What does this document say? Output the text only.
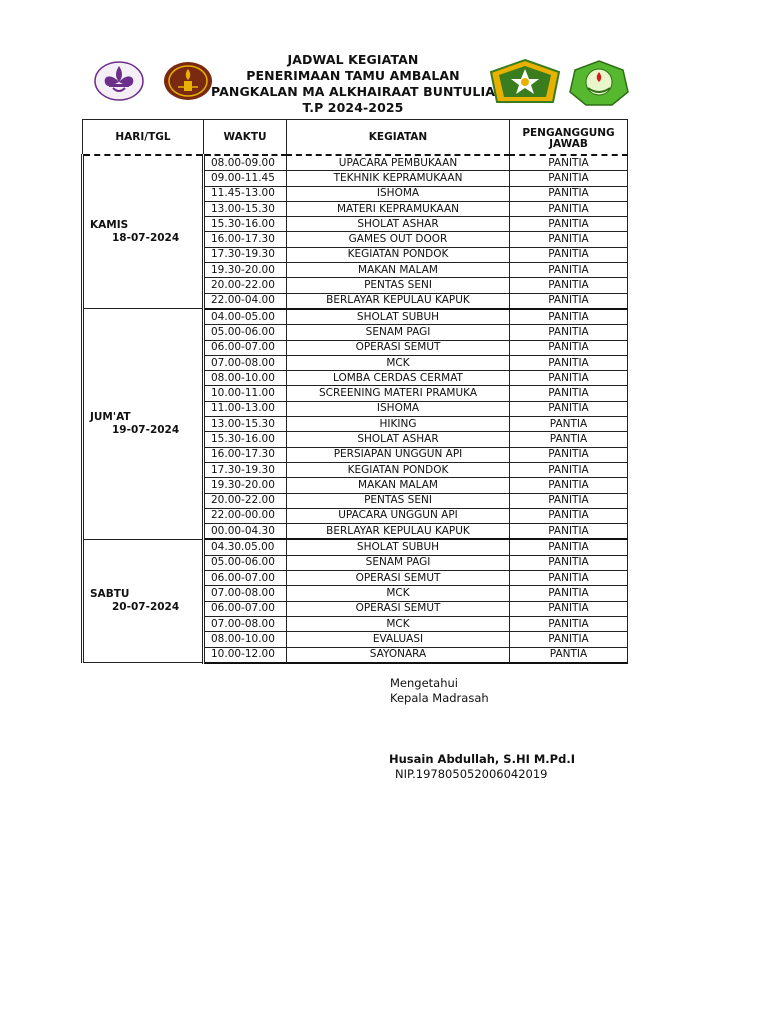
JADWAL KEGIATAN
PENERIMAAN TAMU AMBALAN
PANGKALAN MA ALKHAIRAAT BUNTULIA
T.P 2024-2025
HARI/TGL	WAKTU	KEGIATAN	PENGANGGUNG JAWAB

KAMIS
18-07-2024	08.00-09.00	UPACARA PEMBUKAAN	PANITIA
	09.00-11.45	TEKHNIK KEPRAMUKAAN	PANITIA
	11.45-13.00	ISHOMA	PANITIA
	13.00-15.30	MATERI KEPRAMUKAAN	PANITIA
	15.30-16.00	SHOLAT ASHAR	PANITIA
	16.00-17.30	GAMES OUT DOOR	PANITIA
	17.30-19.30	KEGIATAN PONDOK	PANITIA
	19.30-20.00	MAKAN MALAM	PANITIA
	20.00-22.00	PENTAS SENI	PANITIA
	22.00-04.00	BERLAYAR KEPULAU KAPUK	PANITIA

JUM'AT
19-07-2024	04.00-05.00	SHOLAT SUBUH	PANITIA
	05.00-06.00	SENAM PAGI	PANITIA
	06.00-07.00	OPERASI SEMUT	PANITIA
	07.00-08.00	MCK	PANITIA
	08.00-10.00	LOMBA CERDAS CERMAT	PANITIA
	10.00-11.00	SCREENING MATERI PRAMUKA	PANITIA
	11.00-13.00	ISHOMA	PANITIA
	13.00-15.30	HIKING	PANTIA
	15.30-16.00	SHOLAT ASHAR	PANTIA
	16.00-17.30	PERSIAPAN UNGGUN API	PANITIA
	17.30-19.30	KEGIATAN PONDOK	PANITIA
	19.30-20.00	MAKAN MALAM	PANITIA
	20.00-22.00	PENTAS SENI	PANITIA
	22.00-00.00	UPACARA UNGGUN API	PANITIA
	00.00-04.30	BERLAYAR KEPULAU KAPUK	PANITIA

SABTU
20-07-2024	04.30.05.00	SHOLAT SUBUH	PANITIA
	05.00-06.00	SENAM PAGI	PANITIA
	06.00-07.00	OPERASI SEMUT	PANITIA
	07.00-08.00	MCK	PANITIA
	06.00-07.00	OPERASI SEMUT	PANITIA
	07.00-08.00	MCK	PANITIA
	08.00-10.00	EVALUASI	PANITIA
	10.00-12.00	SAYONARA	PANTIA
Mengetahui
Kepala Madrasah
Husain Abdullah, S.HI M.Pd.I
NIP.197805052006042019
